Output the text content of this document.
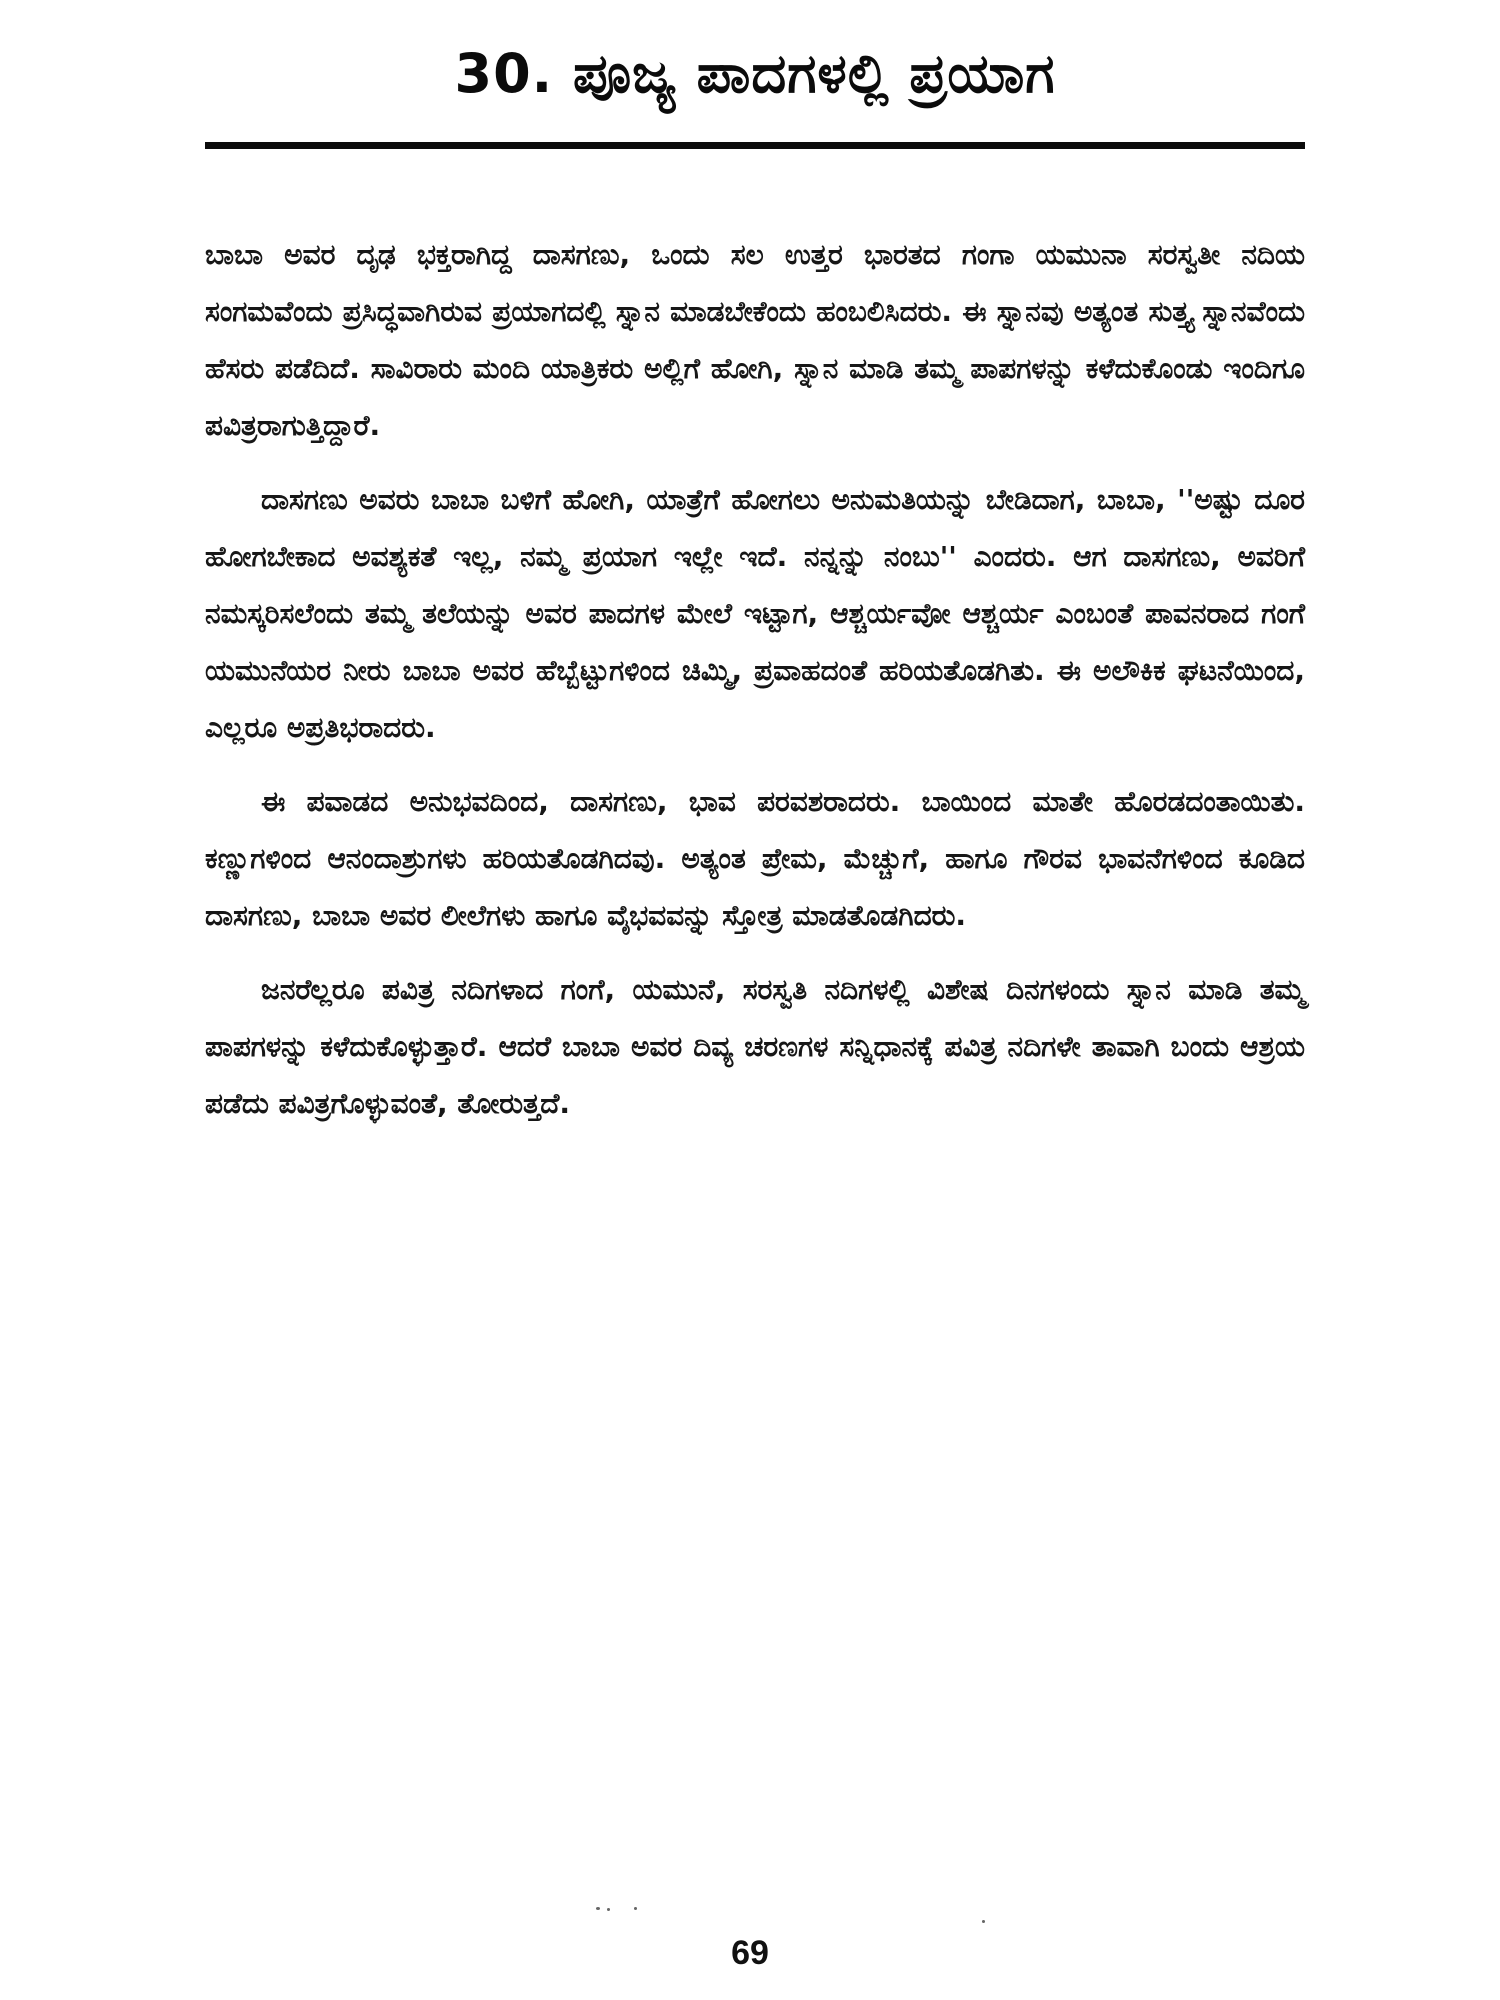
30. ಪೂಜ್ಯ ಪಾದಗಳಲ್ಲಿ ಪ್ರಯಾಗ

ಬಾಬಾ ಅವರ ದೃಢ ಭಕ್ತರಾಗಿದ್ದ ದಾಸಗಣು, ಒಂದು ಸಲ ಉತ್ತರ ಭಾರತದ ಗಂಗಾ ಯಮುನಾ ಸರಸ್ವತೀ ನದಿಯ ಸಂಗಮವೆಂದು ಪ್ರಸಿದ್ಧವಾಗಿರುವ ಪ್ರಯಾಗದಲ್ಲಿ ಸ್ನಾನ ಮಾಡಬೇಕೆಂದು ಹಂಬಲಿಸಿದರು. ಈ ಸ್ನಾನವು ಅತ್ಯಂತ ಸುತ್ತ್ಯ ಸ್ನಾನವೆಂದು ಹೆಸರು ಪಡೆದಿದೆ. ಸಾವಿರಾರು ಮಂದಿ ಯಾತ್ರಿಕರು ಅಲ್ಲಿಗೆ ಹೋಗಿ, ಸ್ನಾನ ಮಾಡಿ ತಮ್ಮ ಪಾಪಗಳನ್ನು ಕಳೆದುಕೊಂಡು ಇಂದಿಗೂ ಪವಿತ್ರರಾಗುತ್ತಿದ್ದಾರೆ.

ದಾಸಗಣು ಅವರು ಬಾಬಾ ಬಳಿಗೆ ಹೋಗಿ, ಯಾತ್ರೆಗೆ ಹೋಗಲು ಅನುಮತಿಯನ್ನು ಬೇಡಿದಾಗ, ಬಾಬಾ, ''ಅಷ್ಟು ದೂರ ಹೋಗಬೇಕಾದ ಅವಶ್ಯಕತೆ ಇಲ್ಲ, ನಮ್ಮ ಪ್ರಯಾಗ ಇಲ್ಲೇ ಇದೆ. ನನ್ನನ್ನು ನಂಬು'' ಎಂದರು. ಆಗ ದಾಸಗಣು, ಅವರಿಗೆ ನಮಸ್ಕರಿಸಲೆಂದು ತಮ್ಮ ತಲೆಯನ್ನು ಅವರ ಪಾದಗಳ ಮೇಲೆ ಇಟ್ಟಾಗ, ಆಶ್ಚರ್ಯವೋ ಆಶ್ಚರ್ಯ ಎಂಬಂತೆ ಪಾವನರಾದ ಗಂಗೆ ಯಮುನೆಯರ ನೀರು ಬಾಬಾ ಅವರ ಹೆಬ್ಬೆಟ್ಟುಗಳಿಂದ ಚಿಮ್ಮಿ, ಪ್ರವಾಹದಂತೆ ಹರಿಯತೊಡಗಿತು. ಈ ಅಲೌಕಿಕ ಘಟನೆಯಿಂದ, ಎಲ್ಲರೂ ಅಪ್ರತಿಭರಾದರು.

ಈ ಪವಾಡದ ಅನುಭವದಿಂದ, ದಾಸಗಣು, ಭಾವ ಪರವಶರಾದರು. ಬಾಯಿಂದ ಮಾತೇ ಹೊರಡದಂತಾಯಿತು. ಕಣ್ಣುಗಳಿಂದ ಆನಂದಾಶ್ರುಗಳು ಹರಿಯತೊಡಗಿದವು. ಅತ್ಯಂತ ಪ್ರೇಮ, ಮೆಚ್ಚುಗೆ, ಹಾಗೂ ಗೌರವ ಭಾವನೆಗಳಿಂದ ಕೂಡಿದ ದಾಸಗಣು, ಬಾಬಾ ಅವರ ಲೀಲೆಗಳು ಹಾಗೂ ವೈಭವವನ್ನು ಸ್ತೋತ್ರ ಮಾಡತೊಡಗಿದರು.

ಜನರೆಲ್ಲರೂ ಪವಿತ್ರ ನದಿಗಳಾದ ಗಂಗೆ, ಯಮುನೆ, ಸರಸ್ವತಿ ನದಿಗಳಲ್ಲಿ ವಿಶೇಷ ದಿನಗಳಂದು ಸ್ನಾನ ಮಾಡಿ ತಮ್ಮ ಪಾಪಗಳನ್ನು ಕಳೆದುಕೊಳ್ಳುತ್ತಾರೆ. ಆದರೆ ಬಾಬಾ ಅವರ ದಿವ್ಯ ಚರಣಗಳ ಸನ್ನಿಧಾನಕ್ಕೆ ಪವಿತ್ರ ನದಿಗಳೇ ತಾವಾಗಿ ಬಂದು ಆಶ್ರಯ ಪಡೆದು ಪವಿತ್ರಗೊಳ್ಳುವಂತೆ, ತೋರುತ್ತದೆ.

69
